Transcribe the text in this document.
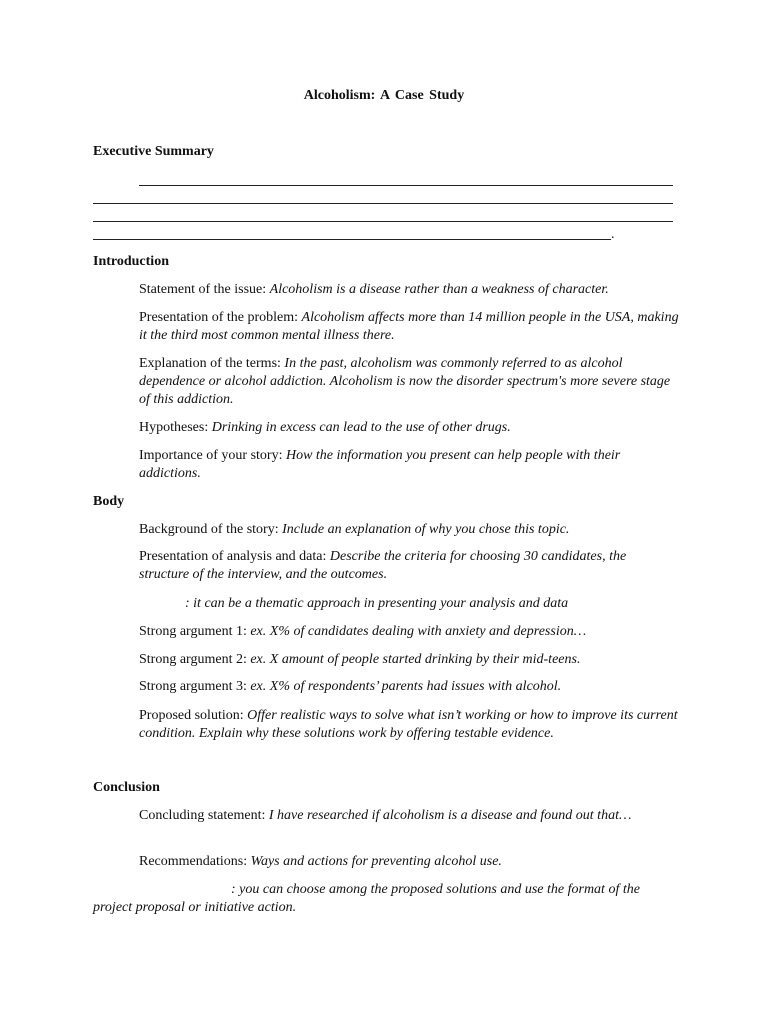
Alcoholism: A Case Study
Executive Summary
.
Introduction

Statement of the issue: Alcoholism is a disease rather than a weakness of character.

Presentation of the problem: Alcoholism affects more than 14 million people in the USA, making it the third most common mental illness there.

Explanation of the terms: In the past, alcoholism was commonly referred to as alcohol dependence or alcohol addiction. Alcoholism is now the disorder spectrum's more severe stage of this addiction.

Hypotheses: Drinking in excess can lead to the use of other drugs.

Importance of your story: How the information you present can help people with their addictions.

Body

Background of the story: Include an explanation of why you chose this topic.

Presentation of analysis and data: Describe the criteria for choosing 30 candidates, the structure of the interview, and the outcomes.

: it can be a thematic approach in presenting your analysis and data

Strong argument 1: ex. X% of candidates dealing with anxiety and depression…

Strong argument 2: ex. X amount of people started drinking by their mid-teens.

Strong argument 3: ex. X% of respondents’ parents had issues with alcohol.

Proposed solution: Offer realistic ways to solve what isn’t working or how to improve its current condition. Explain why these solutions work by offering testable evidence.

Conclusion

Concluding statement: I have researched if alcoholism is a disease and found out that…

Recommendations: Ways and actions for preventing alcohol use.

: you can choose among the proposed solutions and use the format of the project proposal or initiative action.
